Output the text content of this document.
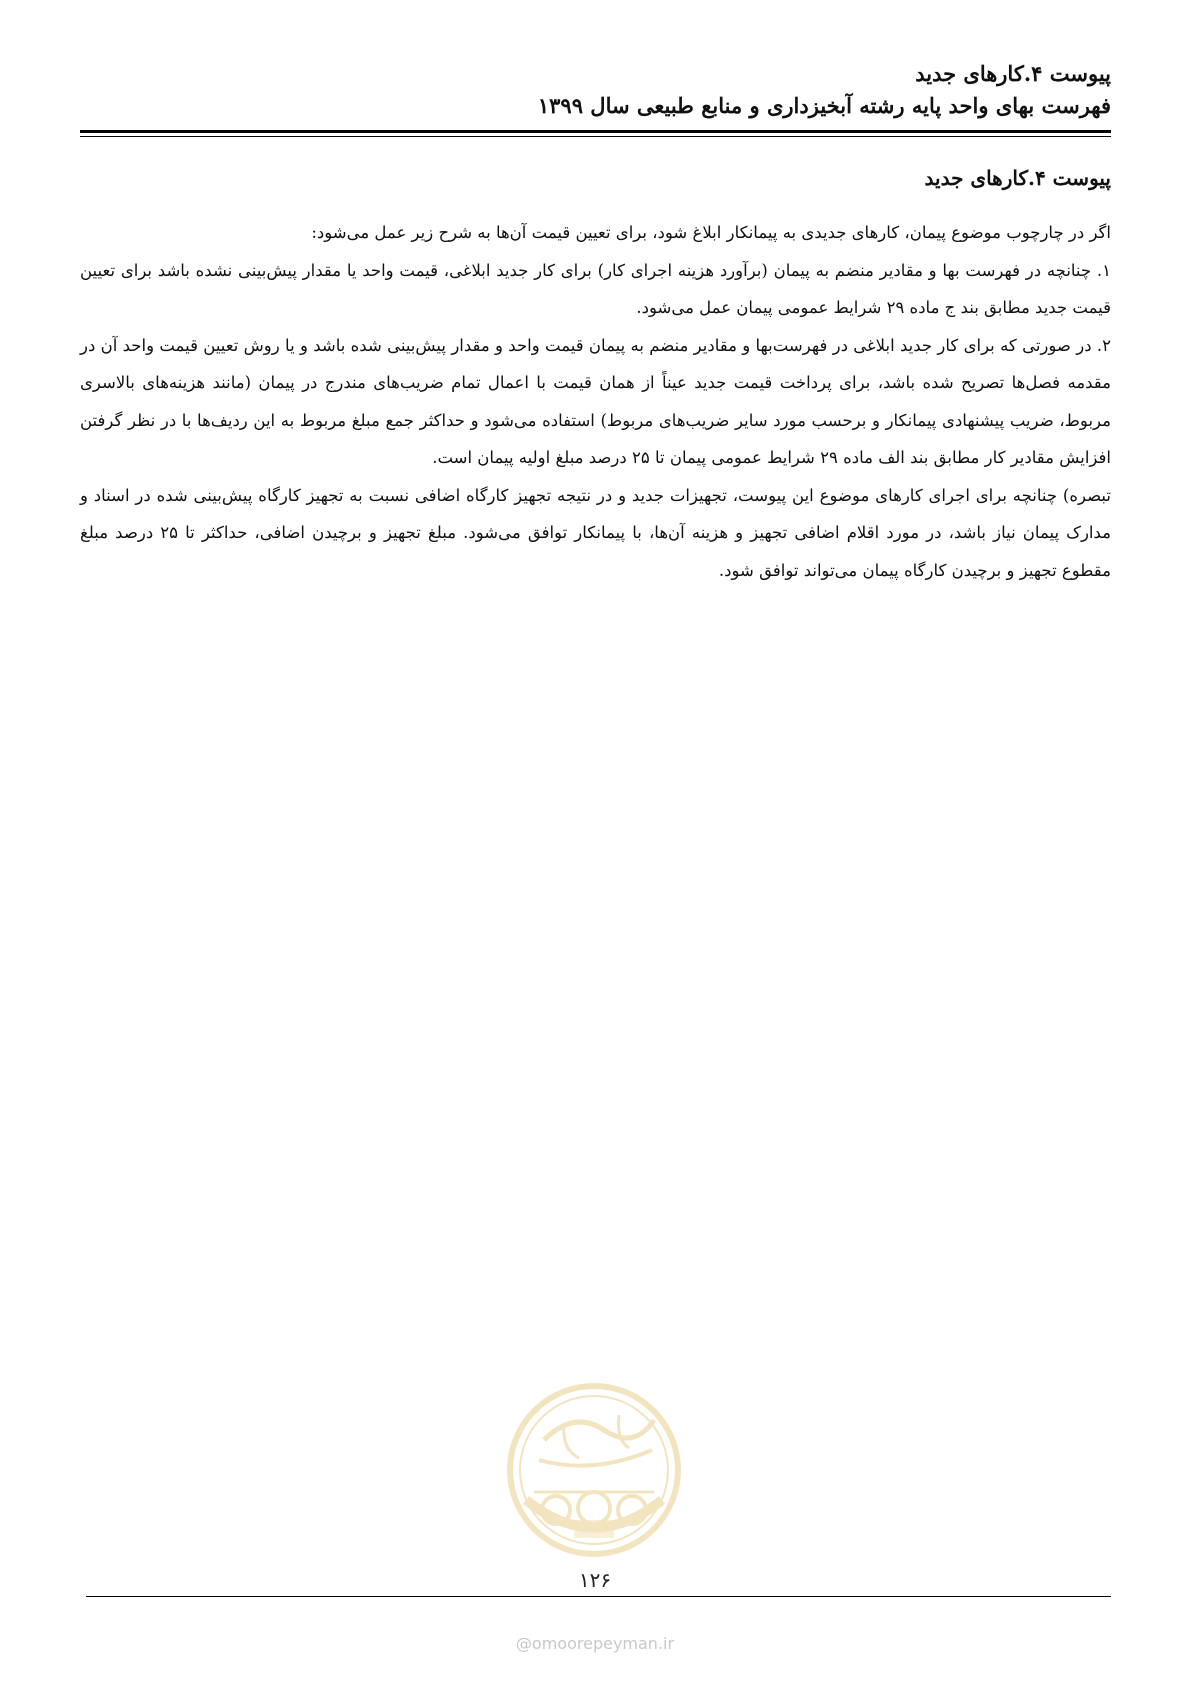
پیوست ۴.کارهای جدید
فهرست بهای واحد پایه رشته آبخیزداری و منابع طبیعی سال ۱۳۹۹
پیوست ۴.کارهای جدید

اگر در چارچوب موضوع پیمان، کارهای جدیدی به پیمانکار ابلاغ شود، برای تعیین قیمت آن‌ها به شرح زیر عمل می‌شود:

۱. چنانچه در فهرست بها و مقادیر منضم به پیمان (برآورد هزینه اجرای کار) برای کار جدید ابلاغی، قیمت واحد یا مقدار پیش‌بینی نشده باشد برای تعیین قیمت جدید مطابق بند ج ماده ۲۹ شرایط عمومی پیمان عمل می‌شود.

۲. در صورتی که برای کار جدید ابلاغی در فهرست‌بها و مقادیر منضم به پیمان قیمت واحد و مقدار پیش‌بینی شده باشد و یا روش تعیین قیمت واحد آن در مقدمه فصل‌ها تصریح شده باشد، برای پرداخت قیمت جدید عیناً از همان قیمت با اعمال تمام ضریب‌های مندرج در پیمان (مانند هزینه‌های بالاسری مربوط، ضریب پیشنهادی پیمانکار و برحسب مورد سایر ضریب‌های مربوط) استفاده می‌شود و حداکثر جمع مبلغ مربوط به این ردیف‌ها با در نظر گرفتن افزایش مقادیر کار مطابق بند الف ماده ۲۹ شرایط عمومی پیمان تا ۲۵ درصد مبلغ اولیه پیمان است.

تبصره) چنانچه برای اجرای کارهای موضوع این پیوست، تجهیزات جدید و در نتیجه تجهیز کارگاه اضافی نسبت به تجهیز کارگاه پیش‌بینی شده در اسناد و مدارک پیمان نیاز باشد، در مورد اقلام اضافی تجهیز و هزینه آن‌ها، با پیمانکار توافق می‌شود. مبلغ تجهیز و برچیدن اضافی، حداکثر تا ۲۵ درصد مبلغ مقطوع تجهیز و برچیدن کارگاه پیمان می‌تواند توافق شود.

۱۲۶
@omoorepeyman.ir
